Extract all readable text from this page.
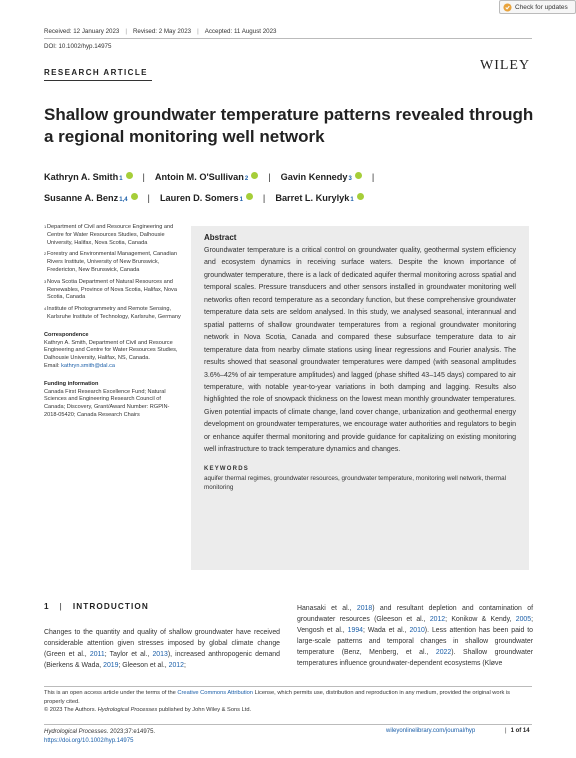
Check for updates
Received: 12 January 2023 | Revised: 2 May 2023 | Accepted: 11 August 2023
DOI: 10.1002/hyp.14975
RESEARCH ARTICLE	WILEY
Shallow groundwater temperature patterns revealed through a regional monitoring well network
Kathryn A. Smith$_1$ | Antoin M. O'Sullivan$_2$ | Gavin Kennedy$_3$ |

Susanne A. Benz$_{1,4}$ | Lauren D. Somers$_1$ | Barret L. Kurylyk$_1$
1 Department of Civil and Resource Engineering and Centre for Water Resources Studies, Dalhousie University, Halifax, Nova Scotia, Canada
2 Forestry and Environmental Management, Canadian Rivers Institute, University of New Brunswick, Fredericton, New Brunswick, Canada
3 Nova Scotia Department of Natural Resources and Renewables, Province of Nova Scotia, Halifax, Nova Scotia, Canada
4 Institute of Photogrammetry and Remote Sensing, Karlsruhe Institute of Technology, Karlsruhe, Germany
Correspondence
Kathryn A. Smith, Department of Civil and Resource Engineering and Centre for Water Resources Studies, Dalhousie University, Halifax, NS, Canada.
Email: kathryn.smith@dal.ca
Funding information
Canada First Research Excellence Fund; Natural Sciences and Engineering Research Council of Canada; Discovery, Grant/Award Number: RGPIN-2018-05420; Canada Research Chairs
Abstract

Groundwater temperature is a critical control on groundwater quality, geothermal system efficiency and ecosystem dynamics in receiving surface waters. Despite the known importance of groundwater temperature, there is a lack of dedicated aquifer thermal monitoring across spatial and temporal scales. Pressure transducers and other sensors installed in groundwater monitoring well networks often record temperature as a secondary function, but these comprehensive groundwater temperature data sets are seldom analysed. In this study, we analysed seasonal, interannual and spatial patterns of shallow groundwater temperatures from a regional groundwater monitoring network in Nova Scotia, Canada and compared these subsurface temperature data to air temperature data from nearby climate stations using linear regressions and Fourier analysis. The results showed that seasonal groundwater temperatures were damped (with seasonal amplitudes 3.6%–42% of air temperature amplitudes) and lagged (phase shifted 43–145 days) compared to air temperature, with notable year-to-year variations in both damping and lagging. Results also highlighted the role of snowpack thickness on the lowest mean monthly groundwater temperatures. Given potential impacts of climate change, land cover change, urbanization and geothermal energy development on groundwater temperatures, we encourage water authorities and regulators to begin or enhance aquifer thermal monitoring and provide guidance for capitalizing on existing monitoring well infrastructure to track temperature dynamics and changes.

KEYWORDS
aquifer thermal regimes, groundwater resources, groundwater temperature, monitoring well network, thermal monitoring
1 | INTRODUCTION
Changes to the quantity and quality of shallow groundwater have received considerable attention given stresses imposed by global climate change (Green et al., 2011; Taylor et al., 2013), increased anthropogenic demand (Bierkens & Wada, 2019; Gleeson et al., 2012;
Hanasaki et al., 2018) and resultant depletion and contamination of groundwater resources (Gleeson et al., 2012; Konikow & Kendy, 2005; Vengosh et al., 1994; Wada et al., 2010). Less attention has been paid to large-scale patterns and temporal changes in shallow groundwater temperature (Benz, Menberg, et al., 2022). Shallow groundwater temperatures influence groundwater-dependent ecosystems (Kløve
This is an open access article under the terms of the Creative Commons Attribution License, which permits use, distribution and reproduction in any medium, provided the original work is properly cited.
© 2023 The Authors. Hydrological Processes published by John Wiley & Sons Ltd.
Hydrological Processes. 2023;37:e14975.
https://doi.org/10.1002/hyp.14975
wileyonlinelibrary.com/journal/hyp	| 1 of 14
